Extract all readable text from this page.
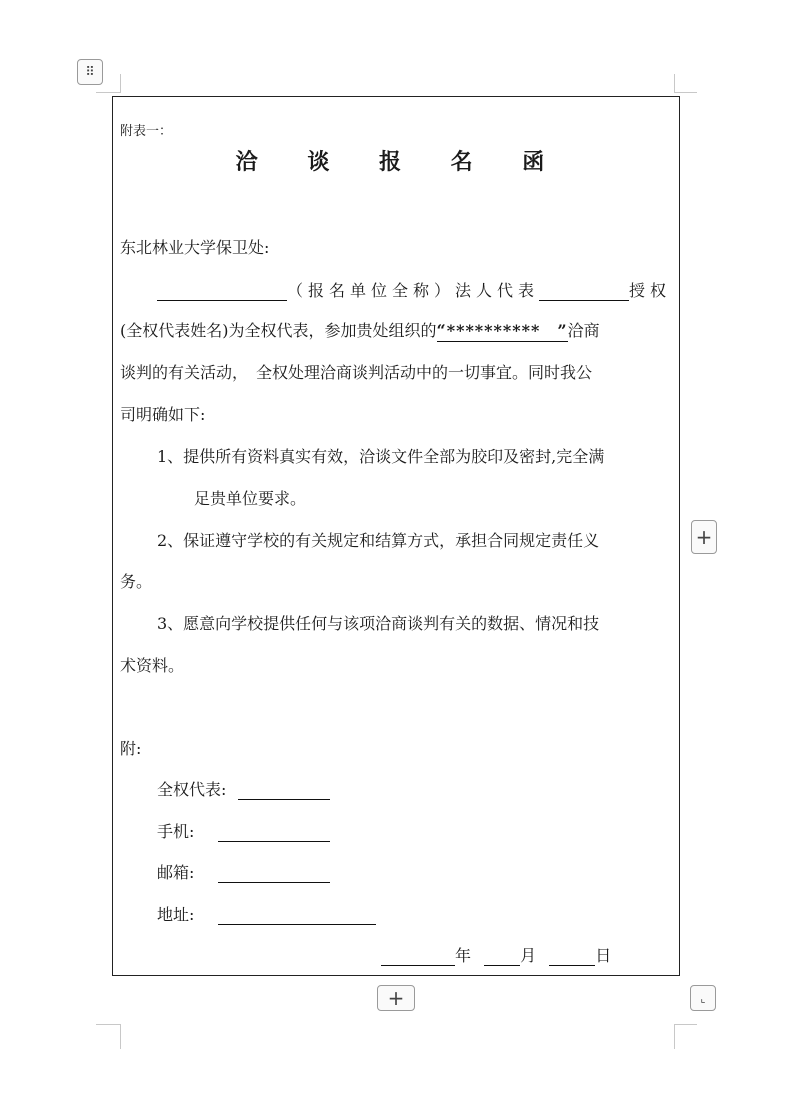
⠿
+
+	⌞
附表一：
洽 谈 报 名 函
东北林业大学保卫处:
（报名单位全称）法人代表	授权
(全权代表姓名)为全权代表，参加贵处组织的“**********　”洽商
谈判的有关活动，　全权处理洽商谈判活动中的一切事宜。同时我公
司明确如下:
1、提供所有资料真实有效，洽谈文件全部为胶印及密封,完全满
足贵单位要求。
2、保证遵守学校的有关规定和结算方式，承担合同规定责任义
务。
3、愿意向学校提供任何与该项洽商谈判有关的数据、情况和技
术资料。
附:
全权代表:
手机:
邮箱:
地址:
年	月	日
